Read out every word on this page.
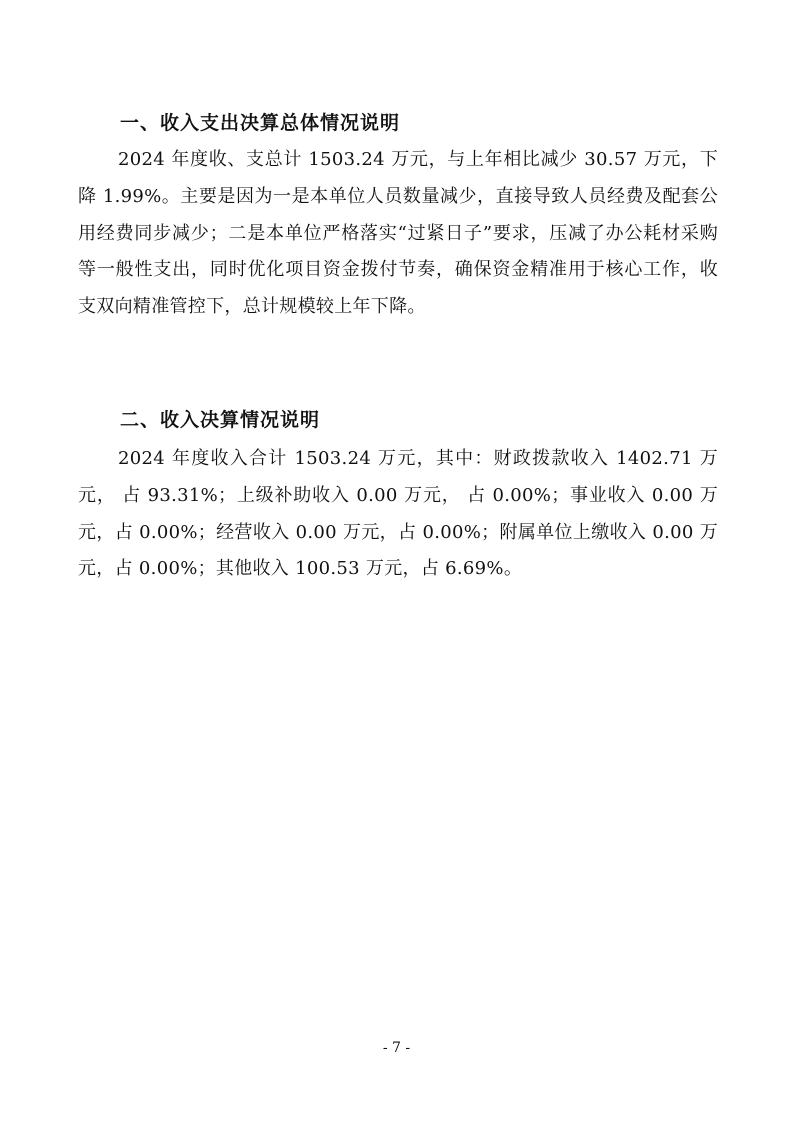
一、收入支出决算总体情况说明
2024 年度收、支总计 1503.24 万元，与上年相比减少 30.57 万元，下降 1.99%。主要是因为一是本单位人员数量减少，直接导致人员经费及配套公用经费同步减少；二是本单位严格落实“过紧日子”要求，压减了办公耗材采购等一般性支出，同时优化项目资金拨付节奏，确保资金精准用于核心工作，收支双向精准管控下，总计规模较上年下降。
二、收入决算情况说明
2024 年度收入合计 1503.24 万元，其中：财政拨款收入 1402.71 万元， 占 93.31%；上级补助收入 0.00 万元， 占 0.00%；事业收入 0.00 万元，占 0.00%；经营收入 0.00 万元，占 0.00%；附属单位上缴收入 0.00 万元，占 0.00%；其他收入 100.53 万元，占 6.69%。
- 7 -
